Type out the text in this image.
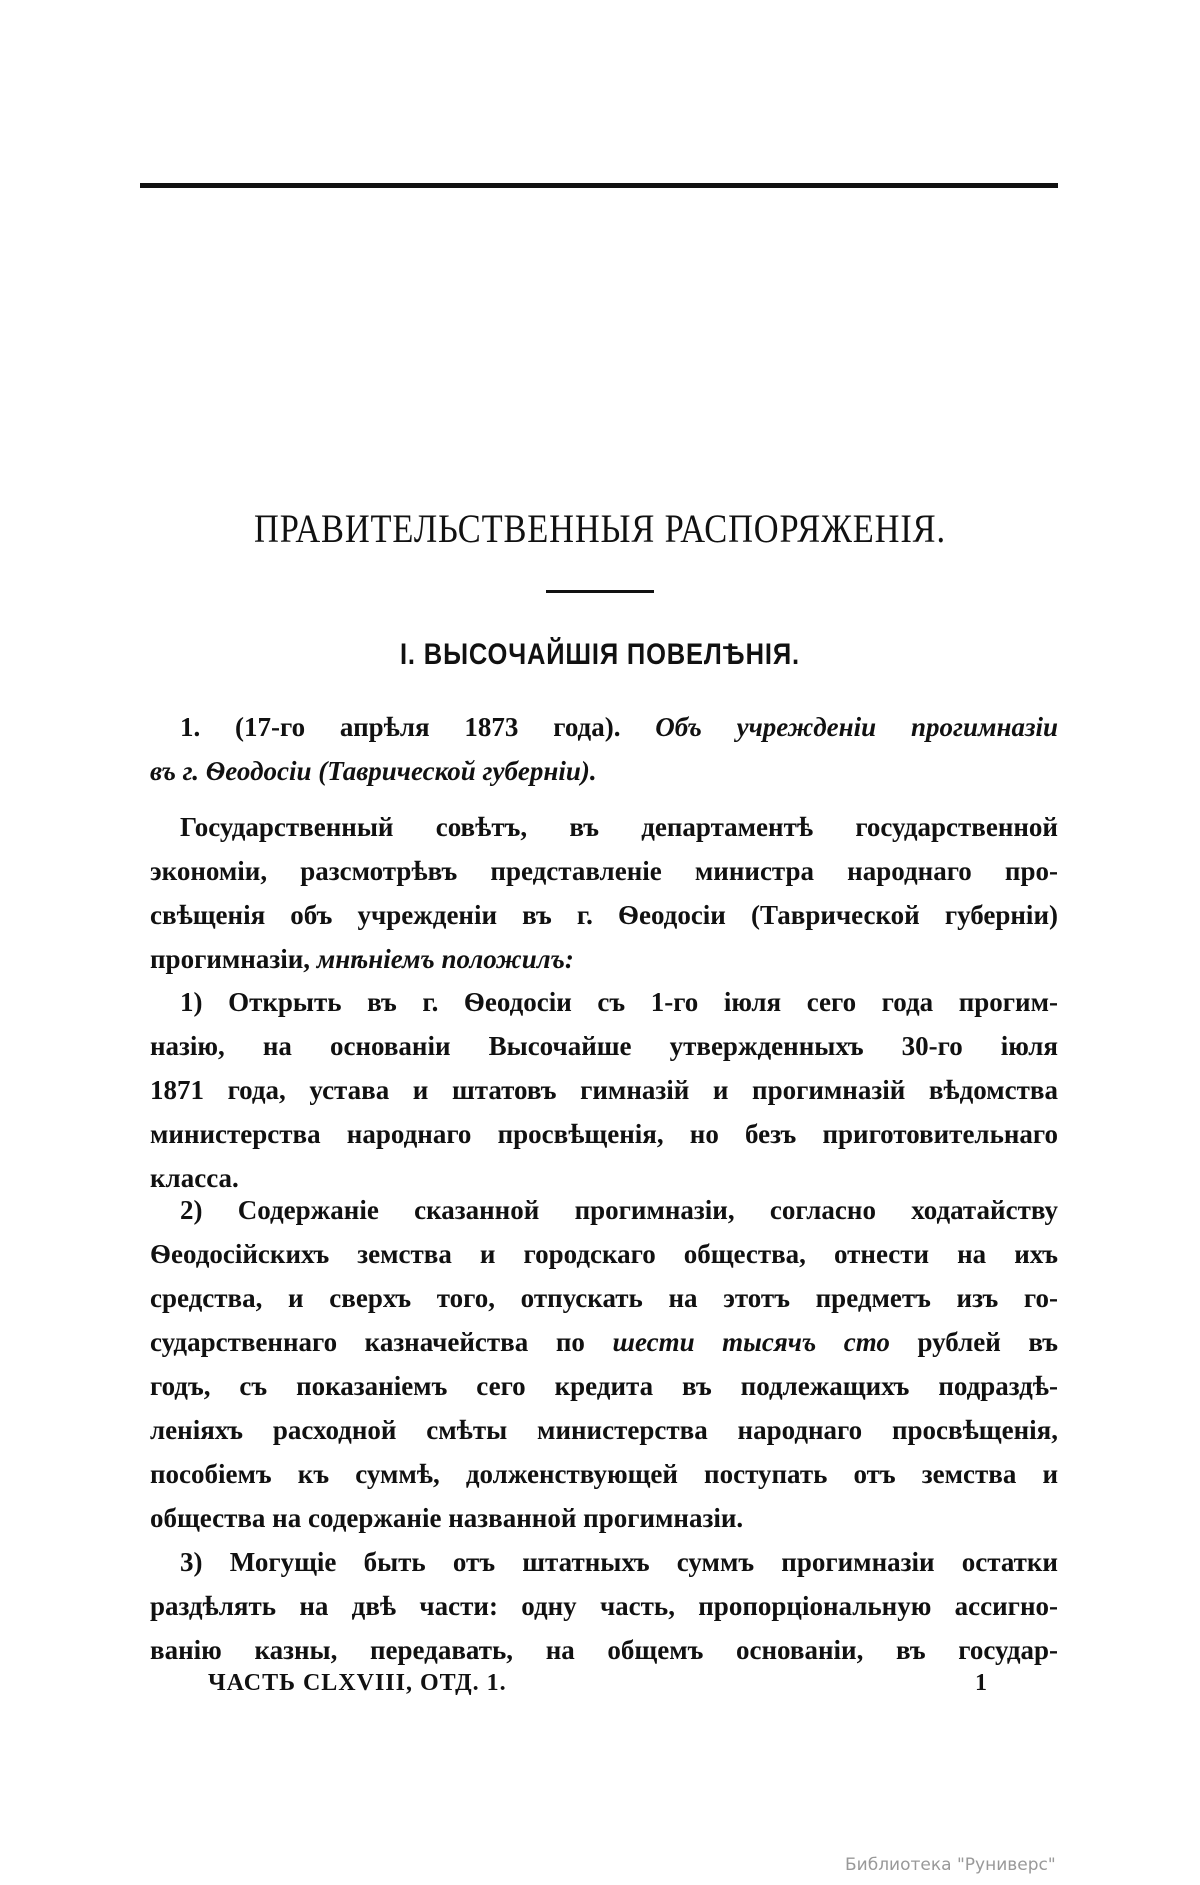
ПРАВИТЕЛЬСТВЕННЫЯ РАСПОРЯЖЕНІЯ.
I. ВЫСОЧАЙШІЯ ПОВЕЛѢНІЯ.
1. (17-го апрѣля 1873 года). Объ учрежденіи прогимназіи
въ г. Ѳеодосіи (Таврической губерніи).
Государственный совѣтъ, въ департаментѣ государственной
экономіи, разсмотрѣвъ представленіе министра народнаго про-
свѣщенія объ учрежденіи въ г. Ѳеодосіи (Таврической губерніи)
прогимназіи, мнѣніемъ положилъ:
1) Открыть въ г. Ѳеодосіи съ 1-го іюля сего года прогим-
назію, на основаніи Высочайше утвержденныхъ 30-го іюля
1871 года, устава и штатовъ гимназій и прогимназій вѣдомства
министерства народнаго просвѣщенія, но безъ приготовительнаго
класса.
2) Содержаніе сказанной прогимназіи, согласно ходатайству
Ѳеодосійскихъ земства и городскаго общества, отнести на ихъ
средства, и сверхъ того, отпускать на этотъ предметъ изъ го-
сударственнаго казначейства по шести тысячъ сто рублей въ
годъ, съ показаніемъ сего кредита въ подлежащихъ подраздѣ-
леніяхъ расходной смѣты министерства народнаго просвѣщенія,
пособіемъ къ суммѣ, долженствующей поступать отъ земства и
общества на содержаніе названной прогимназіи.
3) Могущіе быть отъ штатныхъ суммъ прогимназіи остатки
раздѣлять на двѣ части: одну часть, пропорціональную ассигно-
ванію казны, передавать, на общемъ основаніи, въ государ-
ЧАСТЬ CLXVIII, ОТД. 1.	1
Библиотека "Руниверс"
